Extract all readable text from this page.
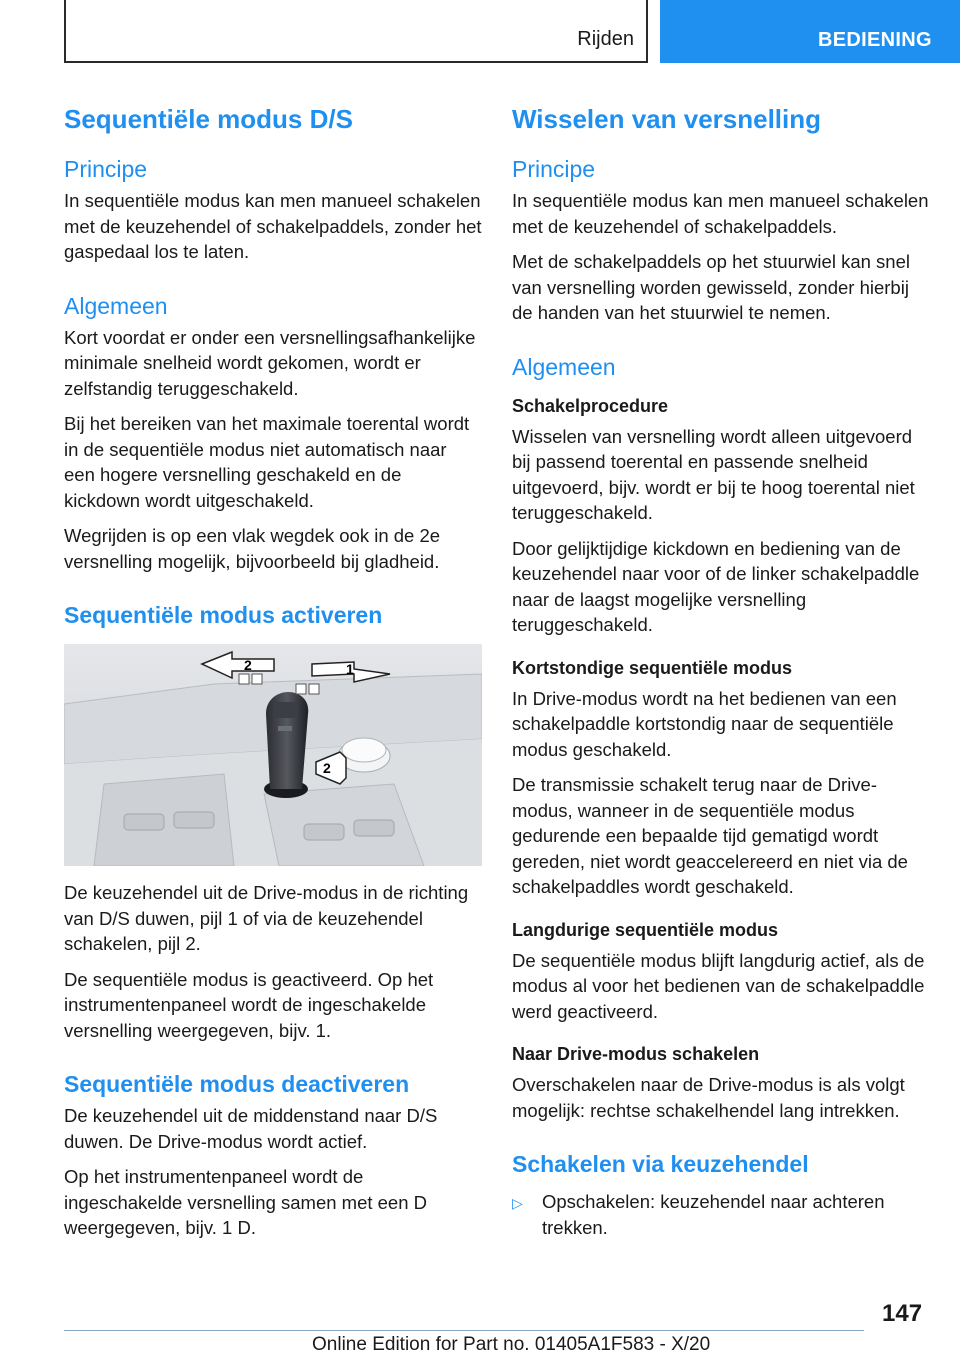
Rijden	BEDIENING
Sequentiële modus D/S
Principe

In sequentiële modus kan men manueel schakelen met de keuzehendel of schakelpaddels, zonder het gaspedaal los te laten.

Algemeen

Kort voordat er onder een versnellingsafhankelijke minimale snelheid wordt gekomen, wordt er zelfstandig teruggeschakeld.

Bij het bereiken van het maximale toerental wordt in de sequentiële modus niet automatisch naar een hogere versnelling geschakeld en de kickdown wordt uitgeschakeld.

Wegrijden is op een vlak wegdek ook in de 2e versnelling mogelijk, bijvoorbeeld bij gladheid.

Sequentiële modus activeren
2	1
2

De keuzehendel uit de Drive-modus in de richting van D/S duwen, pijl 1 of via de keuzehendel schakelen, pijl 2.

De sequentiële modus is geactiveerd. Op het instrumentenpaneel wordt de ingeschakelde versnelling weergegeven, bijv. 1.

Sequentiële modus deactiveren

De keuzehendel uit de middenstand naar D/S duwen. De Drive-modus wordt actief.

Op het instrumentenpaneel wordt de ingeschakelde versnelling samen met een D weergegeven, bijv. 1 D.

Wisselen van versnelling
Principe

In sequentiële modus kan men manueel schakelen met de keuzehendel of schakelpaddels.

Met de schakelpaddels op het stuurwiel kan snel van versnelling worden gewisseld, zonder hierbij de handen van het stuurwiel te nemen.

Algemeen
Schakelprocedure

Wisselen van versnelling wordt alleen uitgevoerd bij passend toerental en passende snelheid uitgevoerd, bijv. wordt er bij te hoog toerental niet teruggeschakeld.

Door gelijktijdige kickdown en bediening van de keuzehendel naar voor of de linker schakelpaddle naar de laagst mogelijke versnelling teruggeschakeld.

Kortstondige sequentiële modus

In Drive-modus wordt na het bedienen van een schakelpaddle kortstondig naar de sequentiële modus geschakeld.

De transmissie schakelt terug naar de Drive-modus, wanneer in de sequentiële modus gedurende een bepaalde tijd gematigd wordt gereden, niet wordt geaccelereerd en niet via de schakelpaddles wordt geschakeld.

Langdurige sequentiële modus

De sequentiële modus blijft langdurig actief, als de modus al voor het bedienen van de schakelpaddle werd geactiveerd.

Naar Drive-modus schakelen

Overschakelen naar de Drive-modus is als volgt mogelijk: rechtse schakelhendel lang intrekken.

Schakelen via keuzehendel
▷	Opschakelen: keuzehendel naar achteren trekken.
147
Online Edition for Part no. 01405A1F583 - X/20
